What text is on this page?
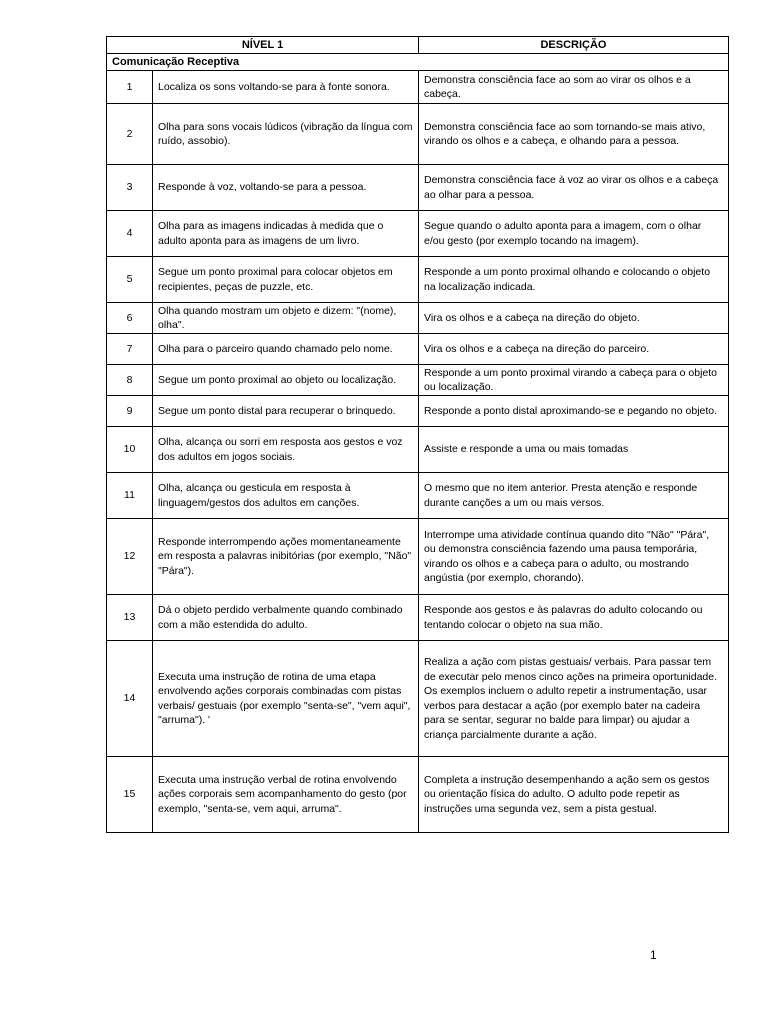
NÍVEL 1		DESCRIÇÃO
Comunicação Receptiva		
1	Localiza os sons voltando-se para à fonte sonora.	Demonstra consciência face ao som ao virar os olhos e a cabeça.
2	Olha para sons vocais lúdicos (vibração da língua com ruído, assobio).	Demonstra consciência face ao som tornando-se mais ativo, virando os olhos e a cabeça, e olhando para a pessoa.
3	Responde à voz, voltando-se para a pessoa.	Demonstra consciência face à voz ao virar os olhos e a cabeça ao olhar para a pessoa.
4	Olha para as imagens indicadas à medida que o adulto aponta para as imagens de um livro.	Segue quando o adulto aponta para a imagem, com o olhar e/ou gesto (por exemplo tocando na imagem).
5	Segue um ponto proximal para colocar objetos em recipientes, peças de puzzle, etc.	Responde a um ponto proximal olhando e colocando o objeto na localização indicada.
6	Olha quando mostram um objeto e dizem: "(nome), olha".	Vira os olhos e a cabeça na direção do objeto.
7	Olha para o parceiro quando chamado pelo nome.	Vira os olhos e a cabeça na direção do parceiro.
8	Segue um ponto proximal ao objeto ou localização.	Responde a um ponto proximal virando a cabeça para o objeto ou localização.
9	Segue um ponto distal para recuperar o brinquedo.	Responde a ponto distal aproximando-se e pegando no objeto.
10	Olha, alcança ou sorri em resposta aos gestos e voz dos adultos em jogos sociais.	Assiste e responde a uma ou mais tomadas
11	Olha, alcança ou gesticula em resposta à linguagem/gestos dos adultos em canções.	O mesmo que no item anterior. Presta atenção e responde durante canções a um ou mais versos.
12	Responde interrompendo ações momentaneamente em resposta a palavras inibitórias (por exemplo, "Não" "Pára").	Interrompe uma atividade contínua quando dito "Não" "Pára", ou demonstra consciência fazendo uma pausa temporária, virando os olhos e a cabeça para o adulto, ou mostrando angústia (por exemplo, chorando).
13	Dá o objeto perdido verbalmente quando combinado com a mão estendida do adulto.	Responde aos gestos e às palavras do adulto colocando ou tentando colocar o objeto na sua mão.
14	Executa uma instrução de rotina de uma etapa envolvendo ações corporais combinadas com pistas verbais/ gestuais (por exemplo "senta-se", "vem aqui", "arruma"). '	Realiza a ação com pistas gestuais/ verbais. Para passar tem de executar pelo menos cinco ações na primeira oportunidade. Os exemplos incluem o adulto repetir a instrumentação, usar verbos para destacar a ação (por exemplo bater na cadeira para se sentar, segurar no balde para limpar) ou ajudar a criança parcialmente durante a ação.
15	Executa uma instrução verbal de rotina envolvendo ações corporais sem acompanhamento do gesto (por exemplo, "senta-se, vem aqui, arruma".	Completa a instrução desempenhando a ação sem os gestos ou orientação física do adulto. O adulto pode repetir as instruções uma segunda vez, sem a pista gestual.
1
